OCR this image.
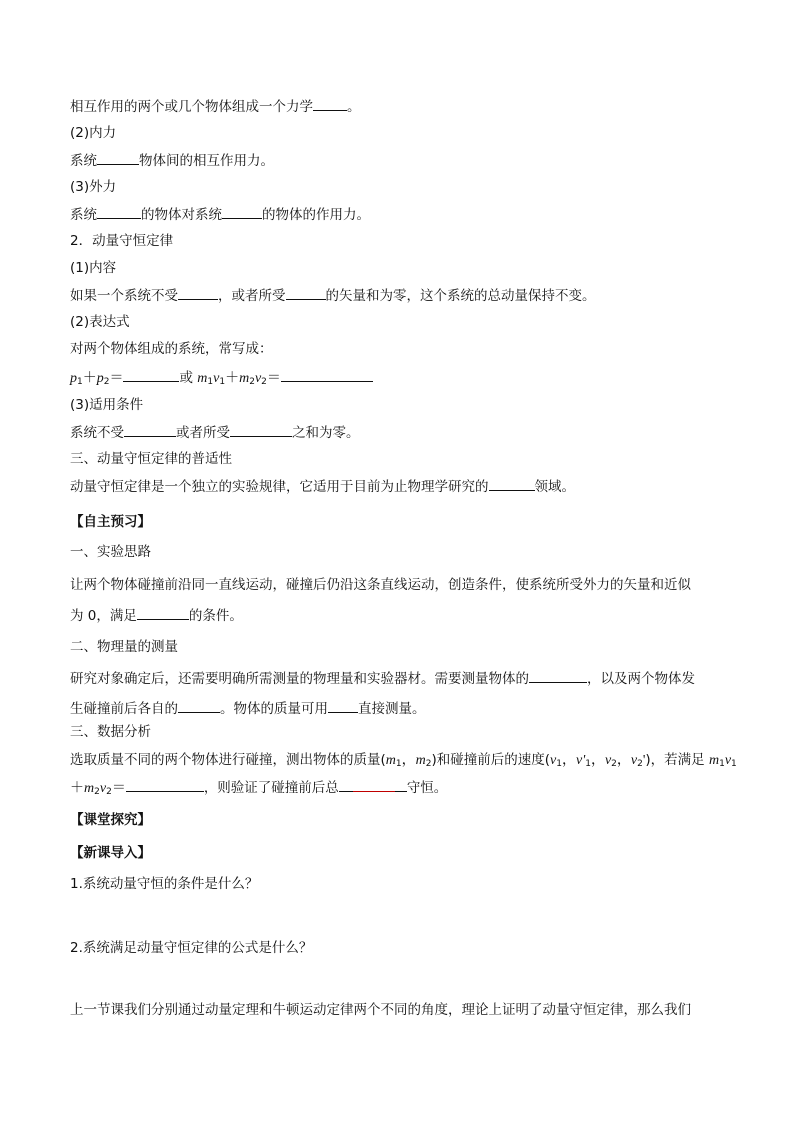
相互作用的两个或几个物体组成一个力学	。
(2)内力
系统	物体间的相互作用力。
(3)外力
系统	的物体对系统	的物体的作用力。
2．动量守恒定律
(1)内容
如果一个系统不受	，或者所受	的矢量和为零，这个系统的总动量保持不变。
(2)表达式
对两个物体组成的系统，常写成：
$p_1+p_2=$	或 $m_1v_1+m_2v_2=$
(3)适用条件
系统不受	或者所受	之和为零。
三、动量守恒定律的普适性
动量守恒定律是一个独立的实验规律，它适用于目前为止物理学研究的	领域。
【自主预习】
一、实验思路
让两个物体碰撞前沿同一直线运动，碰撞后仍沿这条直线运动，创造条件，使系统所受外力的矢量和近似
为 0，满足	的条件。
二、物理量的测量
研究对象确定后，还需要明确所需测量的物理量和实验器材。需要测量物体的	，以及两个物体发
生碰撞前后各自的	。物体的质量可用 直接测量。
三、数据分析
选取质量不同的两个物体进行碰撞，测出物体的质量($m_1$，$m_2$)和碰撞前后的速度($v_1$，$v'_1$，$v_2$，$v_2'$)，若满足 $m_1v_1$
$+m_2v_2=$	，则验证了碰撞前后总	守恒。
【课堂探究】
【新课导入】
1.系统动量守恒的条件是什么？
2.系统满足动量守恒定律的公式是什么？
上一节课我们分别通过动量定理和牛顿运动定律两个不同的角度，理论上证明了动量守恒定律，那么我们
